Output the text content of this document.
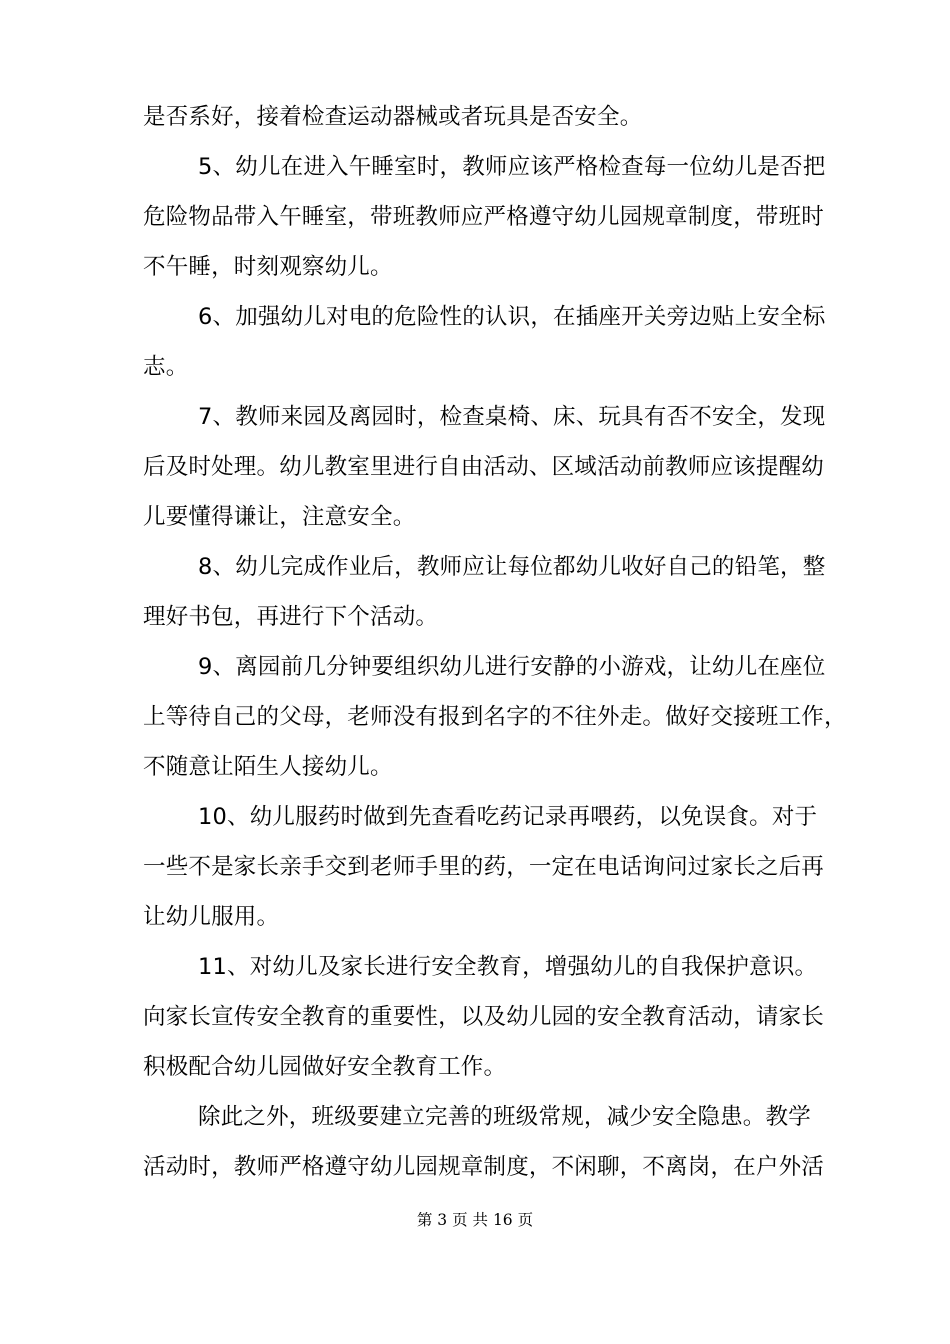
是否系好，接着检查运动器械或者玩具是否安全。
5、幼儿在进入午睡室时，教师应该严格检查每一位幼儿是否把
危险物品带入午睡室，带班教师应严格遵守幼儿园规章制度，带班时
不午睡，时刻观察幼儿。
6、加强幼儿对电的危险性的认识，在插座开关旁边贴上安全标
志。
7、教师来园及离园时，检查桌椅、床、玩具有否不安全，发现
后及时处理。幼儿教室里进行自由活动、区域活动前教师应该提醒幼
儿要懂得谦让，注意安全。
8、幼儿完成作业后，教师应让每位都幼儿收好自己的铅笔，整
理好书包，再进行下个活动。
9、离园前几分钟要组织幼儿进行安静的小游戏，让幼儿在座位
上等待自己的父母，老师没有报到名字的不往外走。做好交接班工作，
不随意让陌生人接幼儿。
10、幼儿服药时做到先查看吃药记录再喂药，以免误食。对于
一些不是家长亲手交到老师手里的药，一定在电话询问过家长之后再
让幼儿服用。
11、对幼儿及家长进行安全教育，增强幼儿的自我保护意识。
向家长宣传安全教育的重要性，以及幼儿园的安全教育活动，请家长
积极配合幼儿园做好安全教育工作。
除此之外，班级要建立完善的班级常规，减少安全隐患。教学
活动时，教师严格遵守幼儿园规章制度，不闲聊，不离岗，在户外活
第 3 页 共 16 页
